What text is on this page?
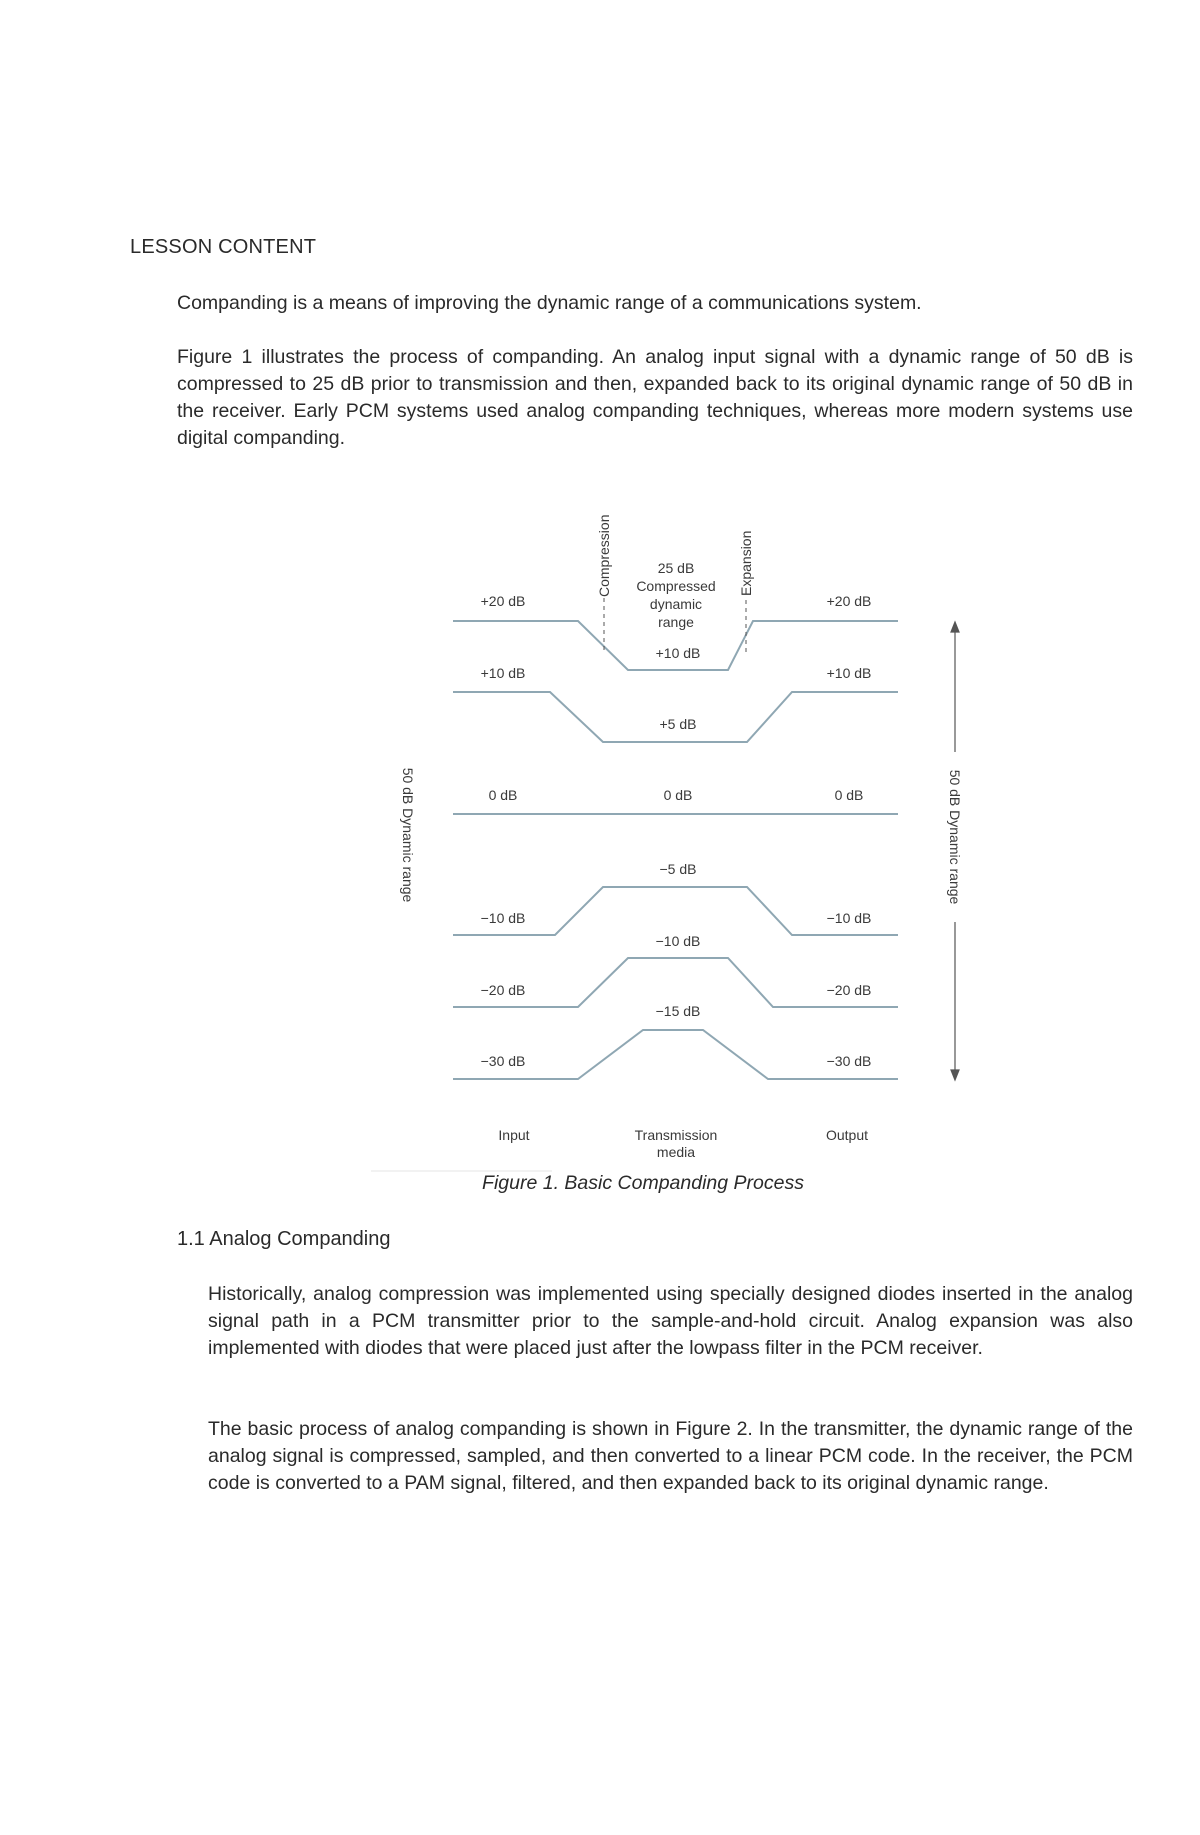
LESSON CONTENT

Companding is a means of improving the dynamic range of a communications system.

Figure 1 illustrates the process of companding. An analog input signal with a dynamic range of 50 dB is compressed to 25 dB prior to transmission and then, expanded back to its original dynamic range of 50 dB in the receiver. Early PCM systems used analog companding techniques, whereas more modern systems use digital companding.

Compression	Expansion
25 dB
Compressed
dynamic
range
+20 dB
+10 dB
0 dB
−10 dB
−20 dB
−30 dB
+10 dB
+5 dB
0 dB
−5 dB
−10 dB
−15 dB
+20 dB
+10 dB
0 dB
−10 dB
−20 dB
−30 dB
50 dB Dynamic range	50 dB Dynamic range
Input	Transmission
media
Output
Figure 1. Basic Companding Process
1.1 Analog Companding

Historically, analog compression was implemented using specially designed diodes inserted in the analog signal path in a PCM transmitter prior to the sample-and-hold circuit. Analog expansion was also implemented with diodes that were placed just after the lowpass filter in the PCM receiver.

The basic process of analog companding is shown in Figure 2. In the transmitter, the dynamic range of the analog signal is compressed, sampled, and then converted to a linear PCM code. In the receiver, the PCM code is converted to a PAM signal, filtered, and then expanded back to its original dynamic range.
